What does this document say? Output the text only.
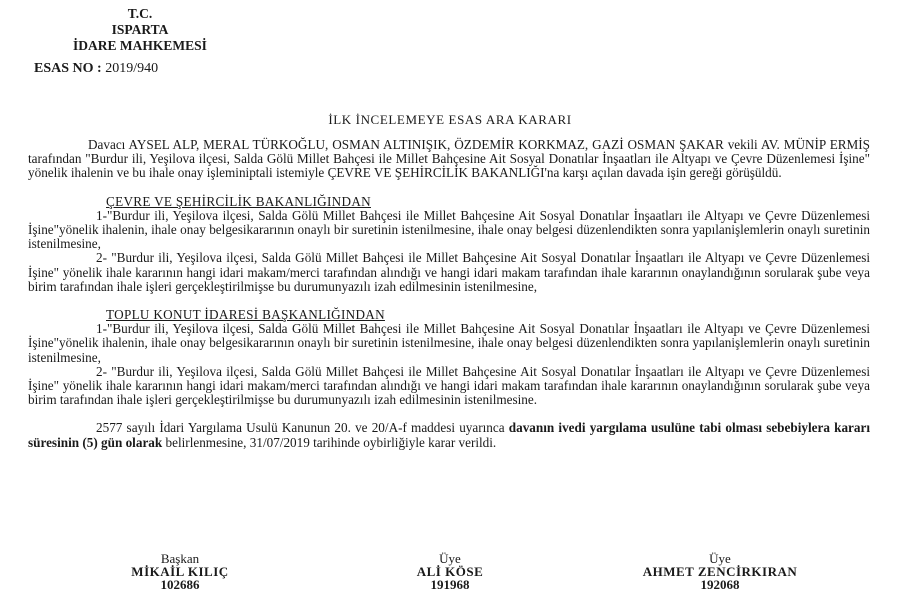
T.C.
ISPARTA
İDARE MAHKEMESİ
ESAS NO : 2019/940
İLK İNCELEMEYE ESAS ARA KARARI

Davacı AYSEL ALP, MERAL TÜRKOĞLU, OSMAN ALTINIŞIK, ÖZDEMİR KORKMAZ, GAZİ OSMAN ŞAKAR vekili AV. MÜNİP ERMİŞ tarafından "Burdur ili, Yeşilova ilçesi, Salda Gölü Millet Bahçesi ile Millet Bahçesine Ait Sosyal Donatılar İnşaatları ile Altyapı ve Çevre Düzenlemesi İşine" yönelik ihalenin ve bu ihale onay işleminiptali istemiyle ÇEVRE VE ŞEHİRCİLİK BAKANLIĞI'na karşı açılan davada işin gereği görüşüldü.

ÇEVRE VE ŞEHİRCİLİK BAKANLIĞINDAN

1-"Burdur ili, Yeşilova ilçesi, Salda Gölü Millet Bahçesi ile Millet Bahçesine Ait Sosyal Donatılar İnşaatları ile Altyapı ve Çevre Düzenlemesi İşine"yönelik ihalenin, ihale onay belgesikararının onaylı bir suretinin istenilmesine, ihale onay belgesi düzenlendikten sonra yapılanişlemlerin onaylı suretinin istenilmesine,

2- "Burdur ili, Yeşilova ilçesi, Salda Gölü Millet Bahçesi ile Millet Bahçesine Ait Sosyal Donatılar İnşaatları ile Altyapı ve Çevre Düzenlemesi İşine" yönelik ihale kararının hangi idari makam/merci tarafından alındığı ve hangi idari makam tarafından ihale kararının onaylandığının sorularak şube veya birim tarafından ihale işleri gerçekleştirilmişse bu durumunyazılı izah edilmesinin istenilmesine,

TOPLU KONUT İDARESİ BAŞKANLIĞINDAN

1-"Burdur ili, Yeşilova ilçesi, Salda Gölü Millet Bahçesi ile Millet Bahçesine Ait Sosyal Donatılar İnşaatları ile Altyapı ve Çevre Düzenlemesi İşine"yönelik ihalenin, ihale onay belgesikararının onaylı bir suretinin istenilmesine, ihale onay belgesi düzenlendikten sonra yapılanişlemlerin onaylı suretinin istenilmesine,

2- "Burdur ili, Yeşilova ilçesi, Salda Gölü Millet Bahçesi ile Millet Bahçesine Ait Sosyal Donatılar İnşaatları ile Altyapı ve Çevre Düzenlemesi İşine" yönelik ihale kararının hangi idari makam/merci tarafından alındığı ve hangi idari makam tarafından ihale kararının onaylandığının sorularak şube veya birim tarafından ihale işleri gerçekleştirilmişse bu durumunyazılı izah edilmesinin istenilmesine.

2577 sayılı İdari Yargılama Usulü Kanunun 20. ve 20/A-f maddesi uyarınca davanın ivedi yargılama usulüne tabi olması sebebiylera kararı süresinin (5) gün olarak belirlenmesine, 31/07/2019 tarihinde oybirliğiyle karar verildi.

Başkan
MİKAİL KILIÇ
102686
Üye
ALİ KÖSE
191968
Üye
AHMET ZENCİRKIRAN
192068
